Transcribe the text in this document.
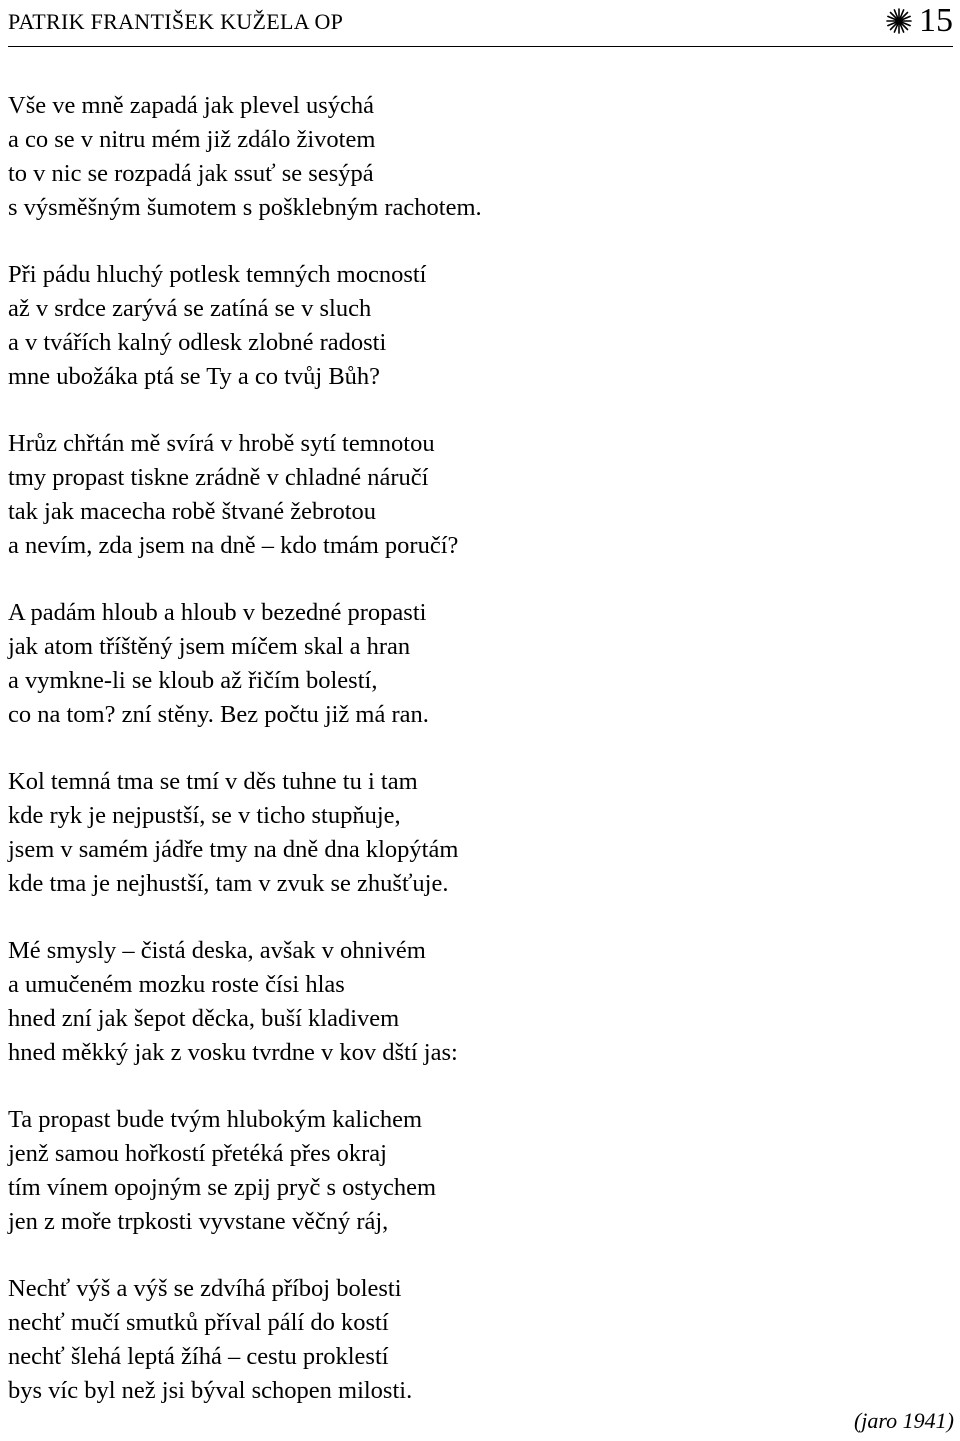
PATRIK FRANTIŠEK KUŽELA OP	15
Vše ve mně zapadá jak plevel usýchá
a co se v nitru mém již zdálo životem
to v nic se rozpadá jak ssuť se sesýpá
s výsměšným šumotem s pošklebným rachotem.
Při pádu hluchý potlesk temných mocností
až v srdce zarývá se zatíná se v sluch
a v tvářích kalný odlesk zlobné radosti
mne ubožáka ptá se Ty a co tvůj Bůh?
Hrůz chřtán mě svírá v hrobě sytí temnotou
tmy propast tiskne zrádně v chladné náručí
tak jak macecha robě štvané žebrotou
a nevím, zda jsem na dně – kdo tmám poručí?
A padám hloub a hloub v bezedné propasti
jak atom tříštěný jsem míčem skal a hran
a vymkne-li se kloub až řičím bolestí,
co na tom? zní stěny. Bez počtu již má ran.
Kol temná tma se tmí v děs tuhne tu i tam
kde ryk je nejpustší, se v ticho stupňuje,
jsem v samém jádře tmy na dně dna klopýtám
kde tma je nejhustší, tam v zvuk se zhušťuje.
Mé smysly – čistá deska, avšak v ohnivém
a umučeném mozku roste čísi hlas
hned zní jak šepot děcka, buší kladivem
hned měkký jak z vosku tvrdne v kov dští jas:
Ta propast bude tvým hlubokým kalichem
jenž samou hořkostí přetéká přes okraj
tím vínem opojným se zpij pryč s ostychem
jen z moře trpkosti vyvstane věčný ráj,
Nechť výš a výš se zdvíhá příboj bolesti
nechť mučí smutků příval pálí do kostí
nechť šlehá leptá žíhá – cestu proklestí
bys víc byl než jsi býval schopen milosti.
(jaro 1941)
